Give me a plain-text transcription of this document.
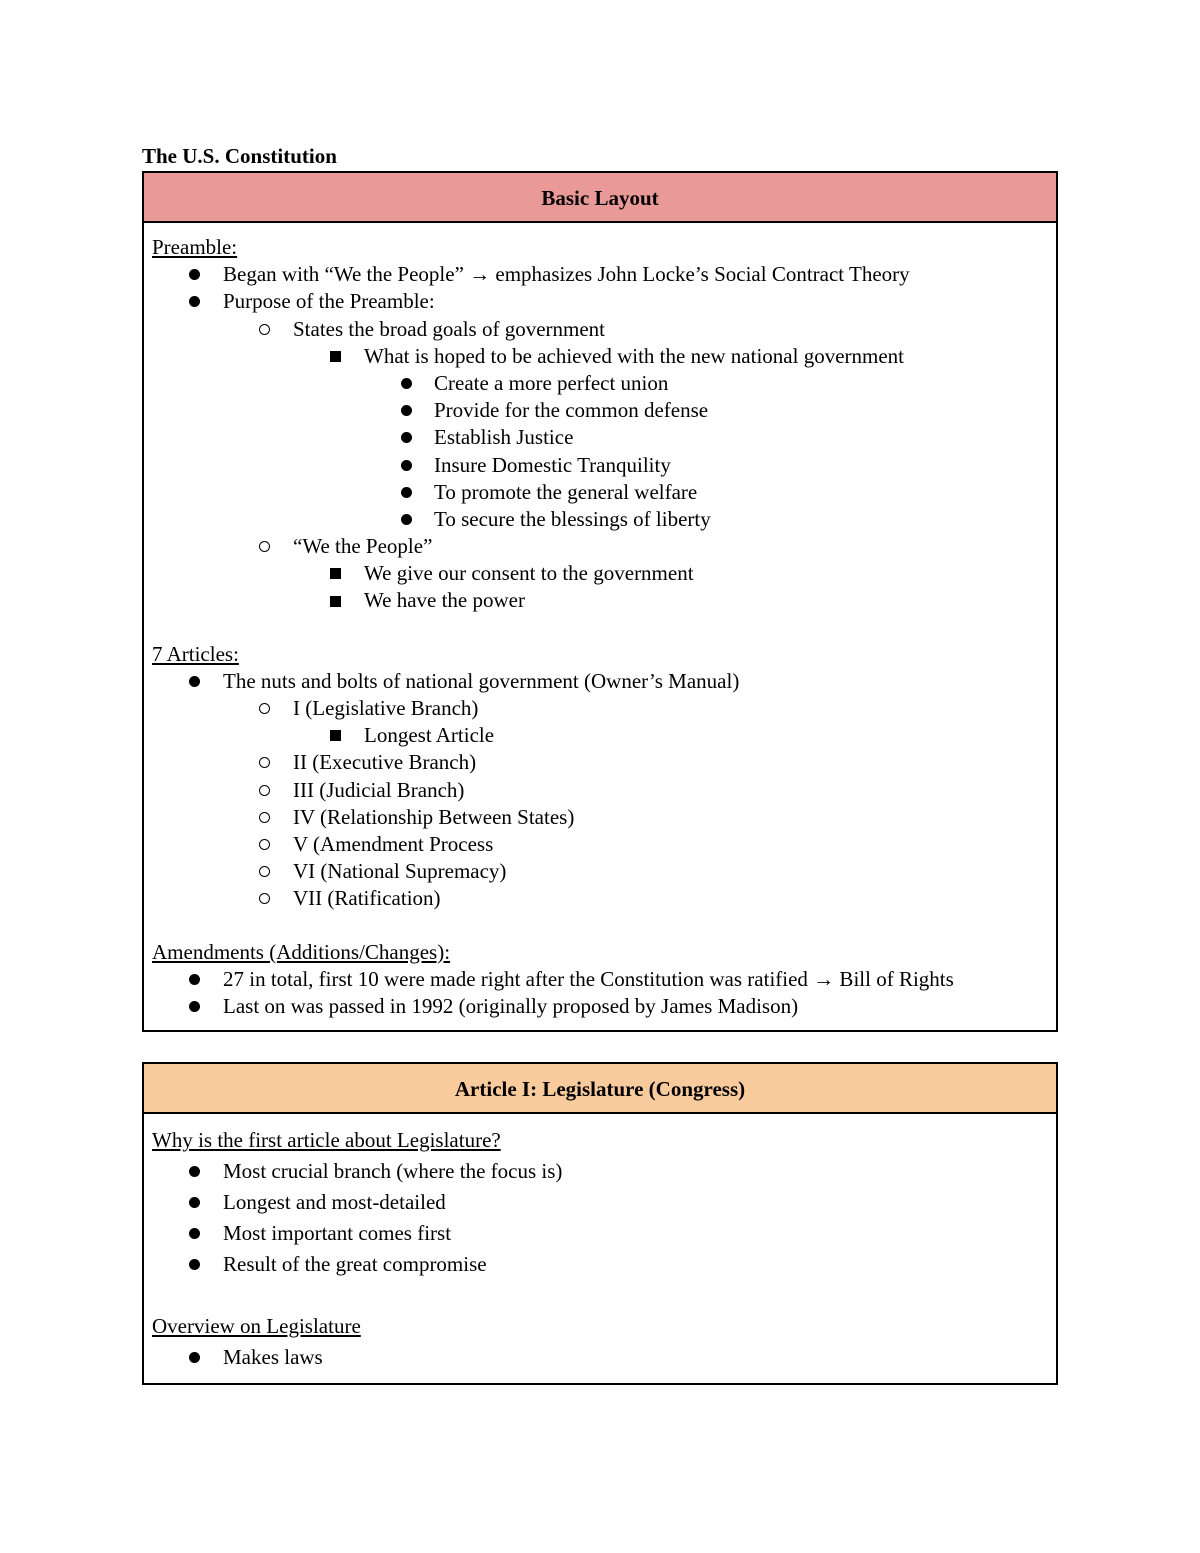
The U.S. Constitution
Basic Layout

Preamble:

Began with “We the People” → emphasizes John Locke’s Social Contract Theory
Purpose of the Preamble:
States the broad goals of government
What is hoped to be achieved with the new national government
Create a more perfect union
Provide for the common defense
Establish Justice
Insure Domestic Tranquility
To promote the general welfare
To secure the blessings of liberty
“We the People”
We give our consent to the government
We have the power

7 Articles:

The nuts and bolts of national government (Owner’s Manual)
I (Legislative Branch)
Longest Article
II (Executive Branch)
III (Judicial Branch)
IV (Relationship Between States)
V (Amendment Process
VI (National Supremacy)
VII (Ratification)

Amendments (Additions/Changes):

27 in total, first 10 were made right after the Constitution was ratified → Bill of Rights
Last on was passed in 1992 (originally proposed by James Madison)
Article I: Legislature (Congress)

Why is the first article about Legislature?

Most crucial branch (where the focus is)
Longest and most-detailed
Most important comes first
Result of the great compromise

Overview on Legislature

Makes laws
